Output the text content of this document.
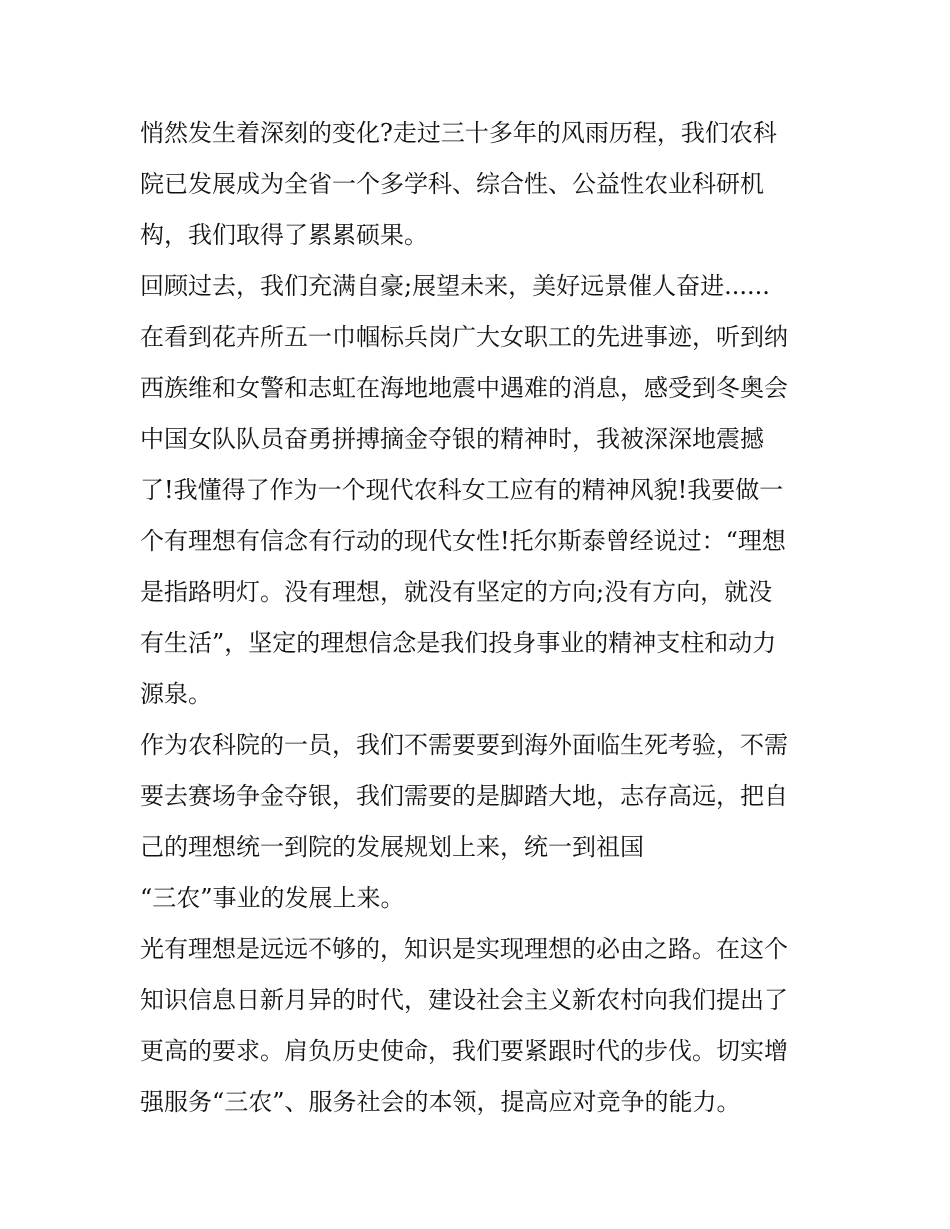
悄然发生着深刻的变化?走过三十多年的风雨历程，我们农科
院已发展成为全省一个多学科、综合性、公益性农业科研机
构，我们取得了累累硕果。
回顾过去，我们充满自豪;展望未来，美好远景催人奋进......
在看到花卉所五一巾帼标兵岗广大女职工的先进事迹，听到纳
西族维和女警和志虹在海地地震中遇难的消息，感受到冬奥会
中国女队队员奋勇拼搏摘金夺银的精神时，我被深深地震撼
了!我懂得了作为一个现代农科女工应有的精神风貌!我要做一
个有理想有信念有行动的现代女性!托尔斯泰曾经说过：“理想
是指路明灯。没有理想，就没有坚定的方向;没有方向，就没
有生活”，坚定的理想信念是我们投身事业的精神支柱和动力
源泉。
作为农科院的一员，我们不需要要到海外面临生死考验，不需
要去赛场争金夺银，我们需要的是脚踏大地，志存高远，把自
己的理想统一到院的发展规划上来，统一到祖国
“三农”事业的发展上来。
光有理想是远远不够的，知识是实现理想的必由之路。在这个
知识信息日新月异的时代，建设社会主义新农村向我们提出了
更高的要求。肩负历史使命，我们要紧跟时代的步伐。切实增
强服务“三农”、服务社会的本领，提高应对竞争的能力。
